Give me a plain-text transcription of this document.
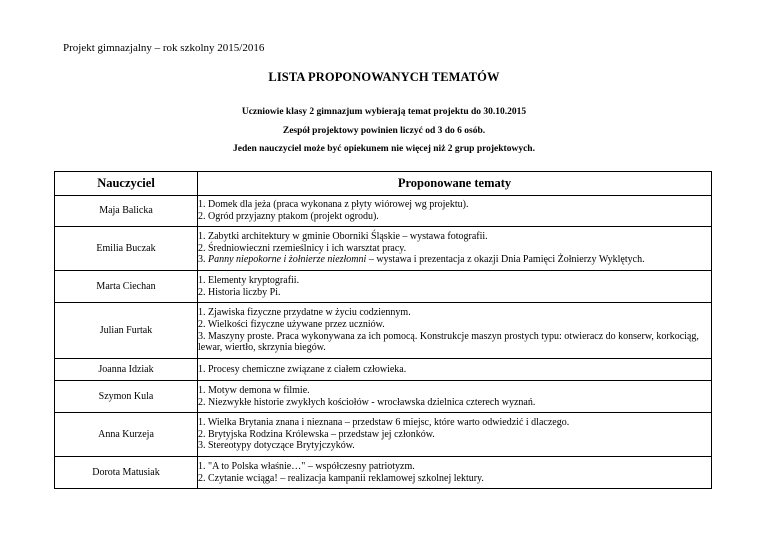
Projekt gimnazjalny – rok szkolny 2015/2016
LISTA PROPONOWANYCH TEMATÓW
Uczniowie klasy 2 gimnazjum wybierają temat projektu do 30.10.2015
Zespół projektowy powinien liczyć od 3 do 6 osób.
Jeden nauczyciel może być opiekunem nie więcej niż 2 grup projektowych.
Nauczyciel	Proponowane tematy
Maja Balicka	1. Domek dla jeża (praca wykonana z płyty wiórowej wg projektu).
2. Ogród przyjazny ptakom (projekt ogrodu).

Emilia Buczak	1. Zabytki architektury w gminie Oborniki Śląskie – wystawa fotografii.
2. Średniowieczni rzemieślnicy i ich warsztat pracy.
3. Panny niepokorne i żołnierze niezłomni – wystawa i prezentacja z okazji Dnia Pamięci Żołnierzy Wyklętych.

Marta Ciechan	1. Elementy kryptografii.
2. Historia liczby Pi.

Julian Furtak	1. Zjawiska fizyczne przydatne w życiu codziennym.
2. Wielkości fizyczne używane przez uczniów.
3. Maszyny proste. Praca wykonywana za ich pomocą. Konstrukcje maszyn prostych typu: otwieracz do konserw, korkociąg, lewar, wiertło, skrzynia biegów.

Joanna Idziak	1. Procesy chemiczne związane z ciałem człowieka.

Szymon Kula	1. Motyw demona w filmie.
2. Niezwykłe historie zwykłych kościołów - wrocławska dzielnica czterech wyznań.

Anna Kurzeja	1. Wielka Brytania znana i nieznana – przedstaw 6 miejsc, które warto odwiedzić i dlaczego.
2. Brytyjska Rodzina Królewska – przedstaw jej członków.
3. Stereotypy dotyczące Brytyjczyków.

Dorota Matusiak	1. "A to Polska właśnie…" – współczesny patriotyzm.
2. Czytanie wciąga! – realizacja kampanii reklamowej szkolnej lektury.
